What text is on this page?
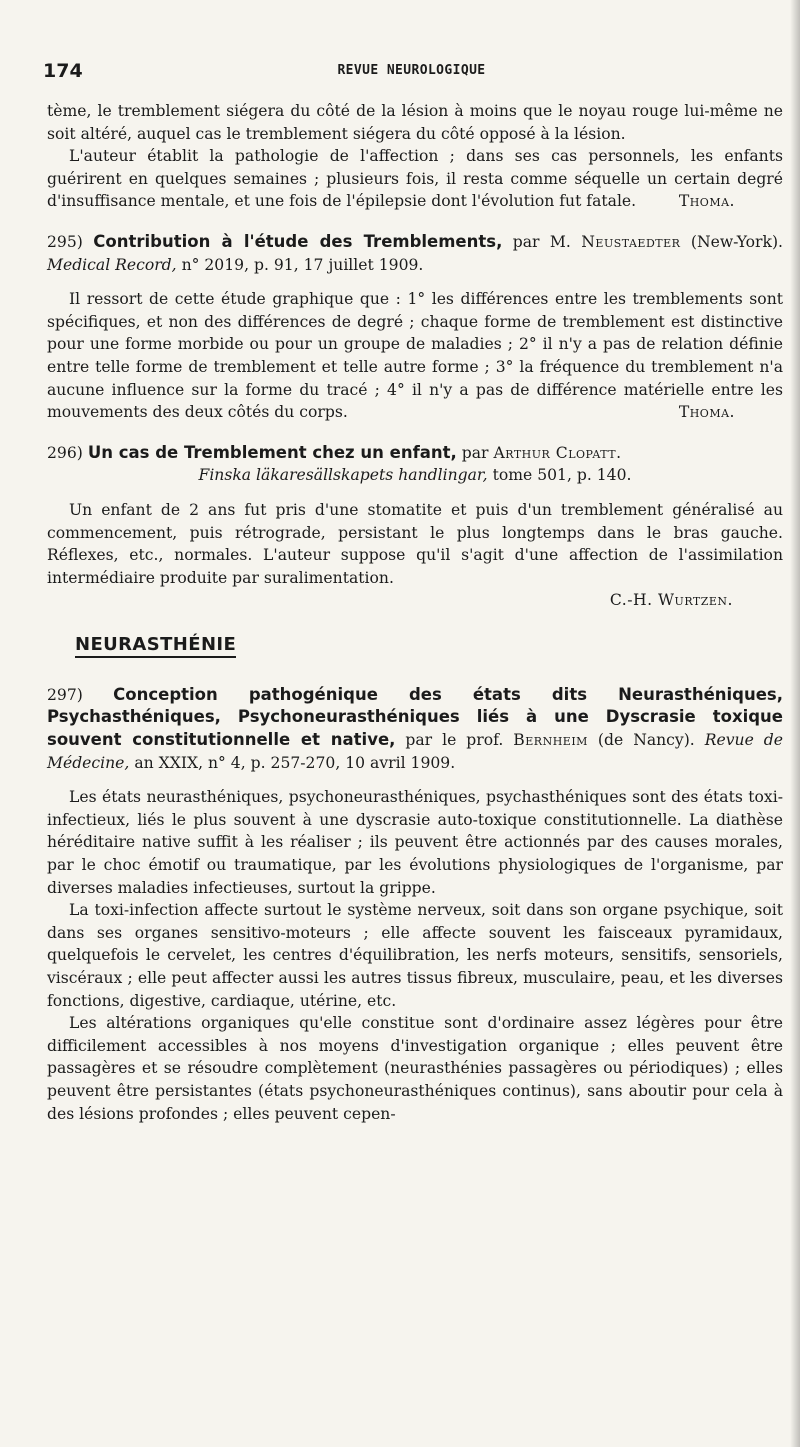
174	REVUE NEUROLOGIQUE

tème, le tremblement siégera du côté de la lésion à moins que le noyau rouge lui-même ne soit altéré, auquel cas le tremblement siégera du côté opposé à la lésion.

L'auteur établit la pathologie de l'affection ; dans ses cas personnels, les enfants guérirent en quelques semaines ; plusieurs fois, il resta comme séquelle un certain degré d'insuffisance mentale, et une fois de l'épilepsie dont l'évolution fut fatale.	Thoma.

295) Contribution à l'étude des Tremblements, par M. Neustaedter (New-York). Medical Record, n° 2019, p. 91, 17 juillet 1909.

Il ressort de cette étude graphique que : 1° les différences entre les tremblements sont spécifiques, et non des différences de degré ; chaque forme de tremblement est distinctive pour une forme morbide ou pour un groupe de maladies ; 2° il n'y a pas de relation définie entre telle forme de tremblement et telle autre forme ; 3° la fréquence du tremblement n'a aucune influence sur la forme du tracé ; 4° il n'y a pas de différence matérielle entre les mouvements des deux côtés du corps.	Thoma.

296) Un cas de Tremblement chez un enfant, par Arthur Clopatt.
Finska läkaresällskapets handlingar, tome 501, p. 140.

Un enfant de 2 ans fut pris d'une stomatite et puis d'un tremblement généralisé au commencement, puis rétrograde, persistant le plus longtemps dans le bras gauche. Réflexes, etc., normales. L'auteur suppose qu'il s'agit d'une affection de l'assimilation intermédiaire produite par suralimentation.

C.-H. Wurtzen.

NEURASTHÉNIE
297) Conception pathogénique des états dits Neurasthéniques, Psychasthéniques, Psychoneurasthéniques liés à une Dyscrasie toxique souvent constitutionnelle et native, par le prof. Bernheim (de Nancy). Revue de Médecine, an XXIX, n° 4, p. 257-270, 10 avril 1909.

Les états neurasthéniques, psychoneurasthéniques, psychasthéniques sont des états toxi-infectieux, liés le plus souvent à une dyscrasie auto-toxique constitutionnelle. La diathèse héréditaire native suffit à les réaliser ; ils peuvent être actionnés par des causes morales, par le choc émotif ou traumatique, par les évolutions physiologiques de l'organisme, par diverses maladies infectieuses, surtout la grippe.

La toxi-infection affecte surtout le système nerveux, soit dans son organe psychique, soit dans ses organes sensitivo-moteurs ; elle affecte souvent les faisceaux pyramidaux, quelquefois le cervelet, les centres d'équilibration, les nerfs moteurs, sensitifs, sensoriels, viscéraux ; elle peut affecter aussi les autres tissus fibreux, musculaire, peau, et les diverses fonctions, digestive, cardiaque, utérine, etc.

Les altérations organiques qu'elle constitue sont d'ordinaire assez légères pour être difficilement accessibles à nos moyens d'investigation organique ; elles peuvent être passagères et se résoudre complètement (neurasthénies passagères ou périodiques) ; elles peuvent être persistantes (états psychoneurasthéniques continus), sans aboutir pour cela à des lésions profondes ; elles peuvent cepen-
